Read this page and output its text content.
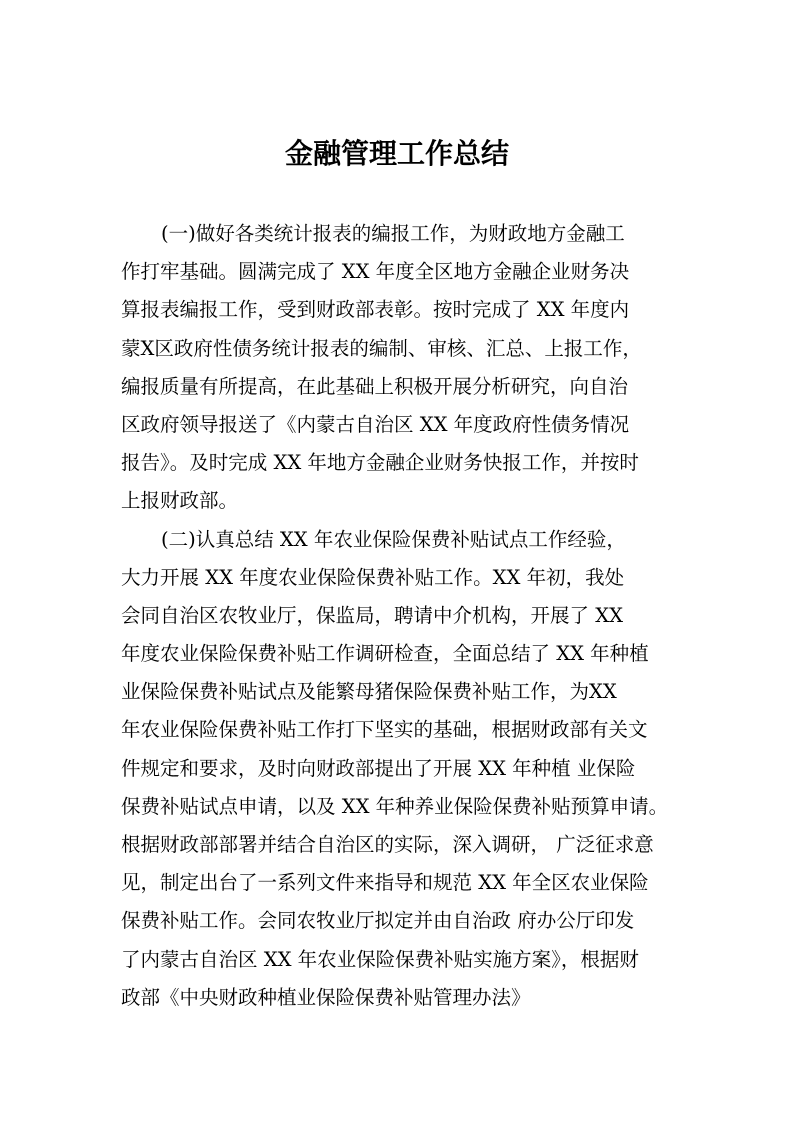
金融管理工作总结
(一)做好各类统计报表的编报工作，为财政地方金融工
作打牢基础。圆满完成了 XX 年度全区地方金融企业财务决
算报表编报工作，受到财政部表彰。按时完成了 XX 年度内
蒙X区政府性债务统计报表的编制、审核、汇总、上报工作，
编报质量有所提高，在此基础上积极开展分析研究，向自治
区政府领导报送了《内蒙古自治区 XX 年度政府性债务情况
报告》。及时完成 XX 年地方金融企业财务快报工作，并按时
上报财政部。
(二)认真总结 XX 年农业保险保费补贴试点工作经验，
大力开展 XX 年度农业保险保费补贴工作。XX 年初，我处
会同自治区农牧业厅，保监局，聘请中介机构，开展了 XX
年度农业保险保费补贴工作调研检查，全面总结了 XX 年种植
业保险保费补贴试点及能繁母猪保险保费补贴工作，为XX
年农业保险保费补贴工作打下坚实的基础，根据财政部有关文
件规定和要求，及时向财政部提出了开展 XX 年种植 业保险
保费补贴试点申请，以及 XX 年种养业保险保费补贴预算申请。
根据财政部部署并结合自治区的实际，深入调研， 广泛征求意
见，制定出台了一系列文件来指导和规范 XX 年全区农业保险
保费补贴工作。会同农牧业厅拟定并由自治政 府办公厅印发
了内蒙古自治区 XX 年农业保险保费补贴实施方案》，根据财
政部《中央财政种植业保险保费补贴管理办法》
